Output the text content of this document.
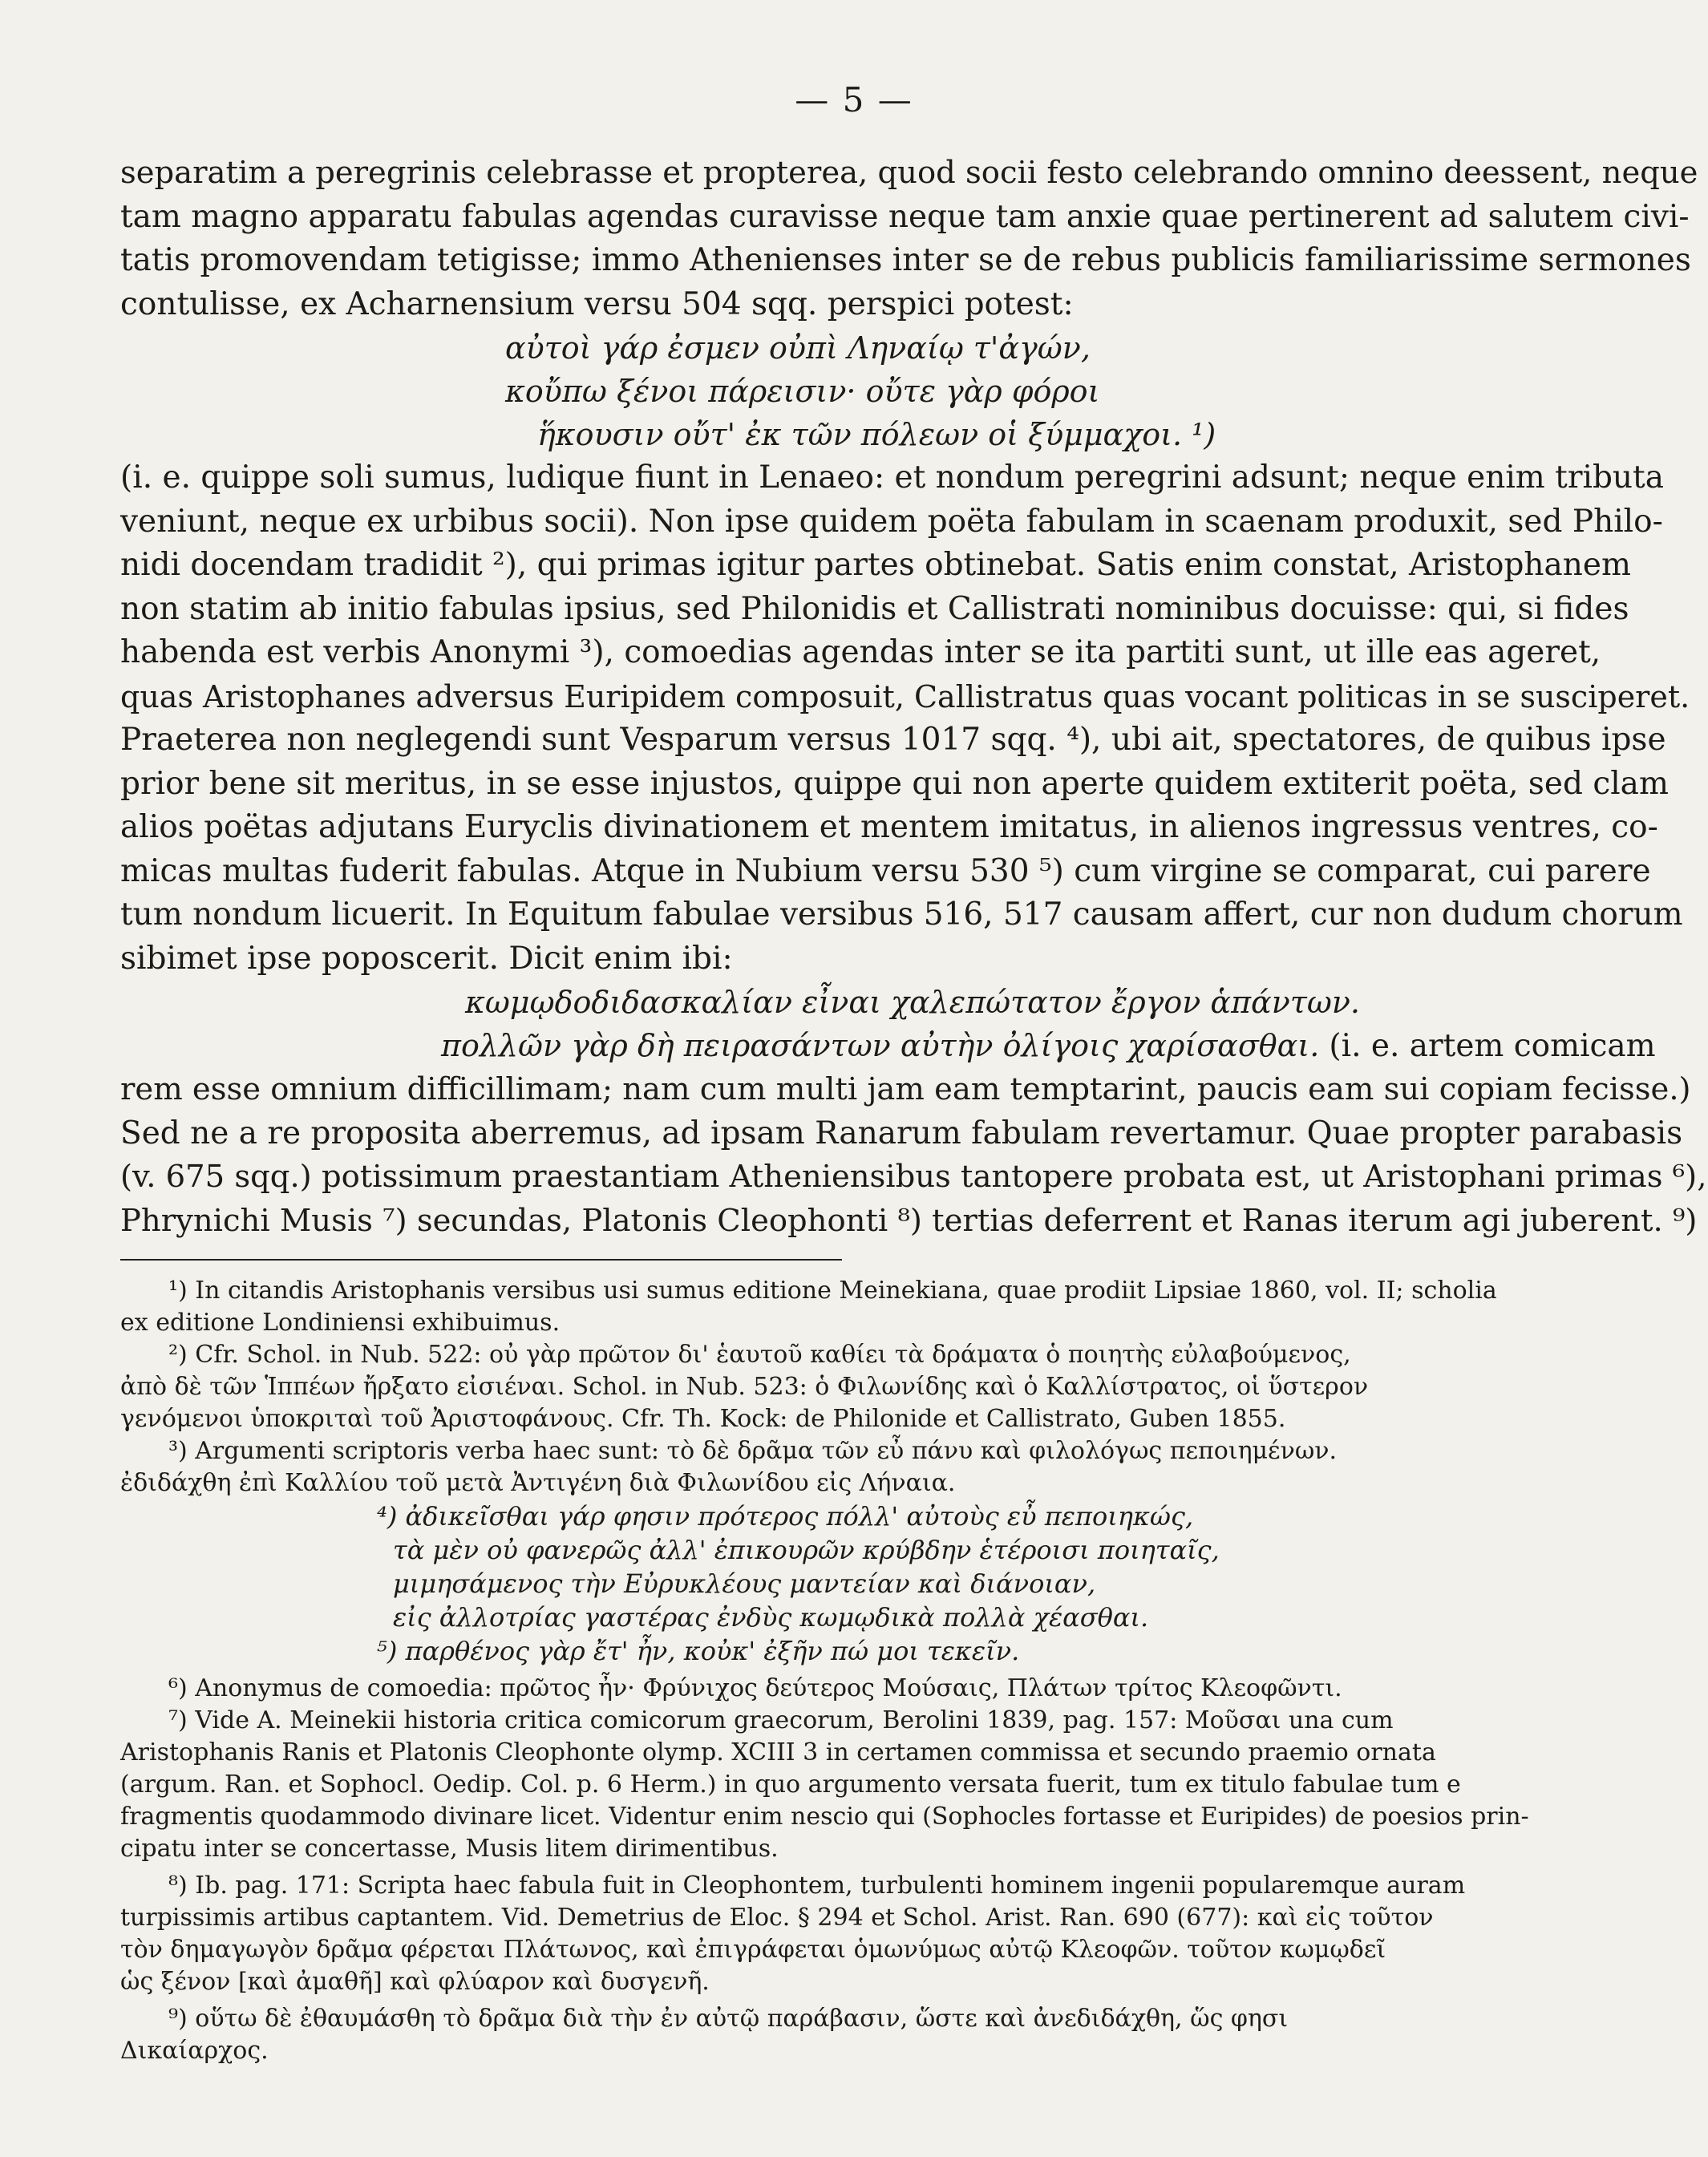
— 5 —

separatim a peregrinis celebrasse et propterea, quod socii festo celebrando omnino deessent, neque
tam magno apparatu fabulas agendas curavisse neque tam anxie quae pertinerent ad salutem civi-
tatis promovendam tetigisse; immo Athenienses inter se de rebus publicis familiarissime sermones
contulisse, ex Acharnensium versu 504 sqq. perspici potest:

αὐτοὶ γάρ ἐσμεν οὐπὶ Ληναίῳ τ'ἀγών,
κοὔπω ξένοι πάρεισιν· οὔτε γὰρ φόροι
ἥκουσιν οὔτ' ἐκ τῶν πόλεων οἱ ξύμμαχοι. ¹)

(i. e. quippe soli sumus, ludique fiunt in Lenaeo: et nondum peregrini adsunt; neque enim tributa
veniunt, neque ex urbibus socii). Non ipse quidem poëta fabulam in scaenam produxit, sed Philo-
nidi docendam tradidit ²), qui primas igitur partes obtinebat. Satis enim constat, Aristophanem
non statim ab initio fabulas ipsius, sed Philonidis et Callistrati nominibus docuisse: qui, si fides
habenda est verbis Anonymi ³), comoedias agendas inter se ita partiti sunt, ut ille eas ageret,
quas Aristophanes adversus Euripidem composuit, Callistratus quas vocant politicas in se susciperet.
Praeterea non neglegendi sunt Vesparum versus 1017 sqq. ⁴), ubi ait, spectatores, de quibus ipse
prior bene sit meritus, in se esse injustos, quippe qui non aperte quidem extiterit poëta, sed clam
alios poëtas adjutans Euryclis divinationem et mentem imitatus, in alienos ingressus ventres, co-
micas multas fuderit fabulas. Atque in Nubium versu 530 ⁵) cum virgine se comparat, cui parere
tum nondum licuerit. In Equitum fabulae versibus 516, 517 causam affert, cur non dudum chorum
sibimet ipse poposcerit. Dicit enim ibi:

κωμῳδοδιδασκαλίαν εἶναι χαλεπώτατον ἔργον ἁπάντων.
πολλῶν γὰρ δὴ πειρασάντων αὐτὴν ὀλίγοις χαρίσασθαι. (i. e. artem comicam

rem esse omnium difficillimam; nam cum multi jam eam temptarint, paucis eam sui copiam fecisse.)
Sed ne a re proposita aberremus, ad ipsam Ranarum fabulam revertamur. Quae propter parabasis
(v. 675 sqq.) potissimum praestantiam Atheniensibus tantopere probata est, ut Aristophani primas ⁶),
Phrynichi Musis ⁷) secundas, Platonis Cleophonti ⁸) tertias deferrent et Ranas iterum agi juberent. ⁹)

¹) In citandis Aristophanis versibus usi sumus editione Meinekiana, quae prodiit Lipsiae 1860, vol. II; scholia
ex editione Londiniensi exhibuimus.
²) Cfr. Schol. in Nub. 522: οὐ γὰρ πρῶτον δι' ἑαυτοῦ καθίει τὰ δράματα ὁ ποιητὴς εὐλαβούμενος,
ἀπὸ δὲ τῶν Ἱππέων ἤρξατο εἰσιέναι. Schol. in Nub. 523: ὁ Φιλωνίδης καὶ ὁ Καλλίστρατος, οἱ ὕστερον
γενόμενοι ὑποκριταὶ τοῦ Ἀριστοφάνους. Cfr. Th. Kock: de Philonide et Callistrato, Guben 1855.
³) Argumenti scriptoris verba haec sunt: τὸ δὲ δρᾶμα τῶν εὖ πάνυ καὶ φιλολόγως πεποιημένων.
ἐδιδάχθη ἐπὶ Καλλίου τοῦ μετὰ Ἀντιγένη διὰ Φιλωνίδου εἰς Λήναια.
⁴) ἀδικεῖσθαι γάρ φησιν πρότερος πόλλ' αὐτοὺς εὖ πεποιηκώς,
τὰ μὲν οὐ φανερῶς ἀλλ' ἐπικουρῶν κρύβδην ἑτέροισι ποιηταῖς,
μιμησάμενος τὴν Εὐρυκλέους μαντείαν καὶ διάνοιαν,
εἰς ἀλλοτρίας γαστέρας ἐνδὺς κωμῳδικὰ πολλὰ χέασθαι.
⁵) παρθένος γὰρ ἔτ' ἦν, κοὐκ' ἐξῆν πώ μοι τεκεῖν.
⁶) Anonymus de comoedia: πρῶτος ἦν· Φρύνιχος δεύτερος Μούσαις, Πλάτων τρίτος Κλεοφῶντι.
⁷) Vide A. Meinekii historia critica comicorum graecorum, Berolini 1839, pag. 157: Μοῦσαι una cum
Aristophanis Ranis et Platonis Cleophonte olymp. XCIII 3 in certamen commissa et secundo praemio ornata
(argum. Ran. et Sophocl. Oedip. Col. p. 6 Herm.) in quo argumento versata fuerit, tum ex titulo fabulae tum e
fragmentis quodammodo divinare licet. Videntur enim nescio qui (Sophocles fortasse et Euripides) de poesios prin-
cipatu inter se concertasse, Musis litem dirimentibus.
⁸) Ib. pag. 171: Scripta haec fabula fuit in Cleophontem, turbulenti hominem ingenii popularemque auram
turpissimis artibus captantem. Vid. Demetrius de Eloc. § 294 et Schol. Arist. Ran. 690 (677): καὶ εἰς τοῦτον
τὸν δημαγωγὸν δρᾶμα φέρεται Πλάτωνος, καὶ ἐπιγράφεται ὁμωνύμως αὐτῷ Κλεοφῶν. τοῦτον κωμῳδεῖ
ὡς ξένον [καὶ ἀμαθῆ] καὶ φλύαρον καὶ δυσγενῆ.
⁹) οὕτω δὲ ἐθαυμάσθη τὸ δρᾶμα διὰ τὴν ἐν αὐτῷ παράβασιν, ὥστε καὶ ἀνεδιδάχθη, ὥς φησι
Δικαίαρχος.
